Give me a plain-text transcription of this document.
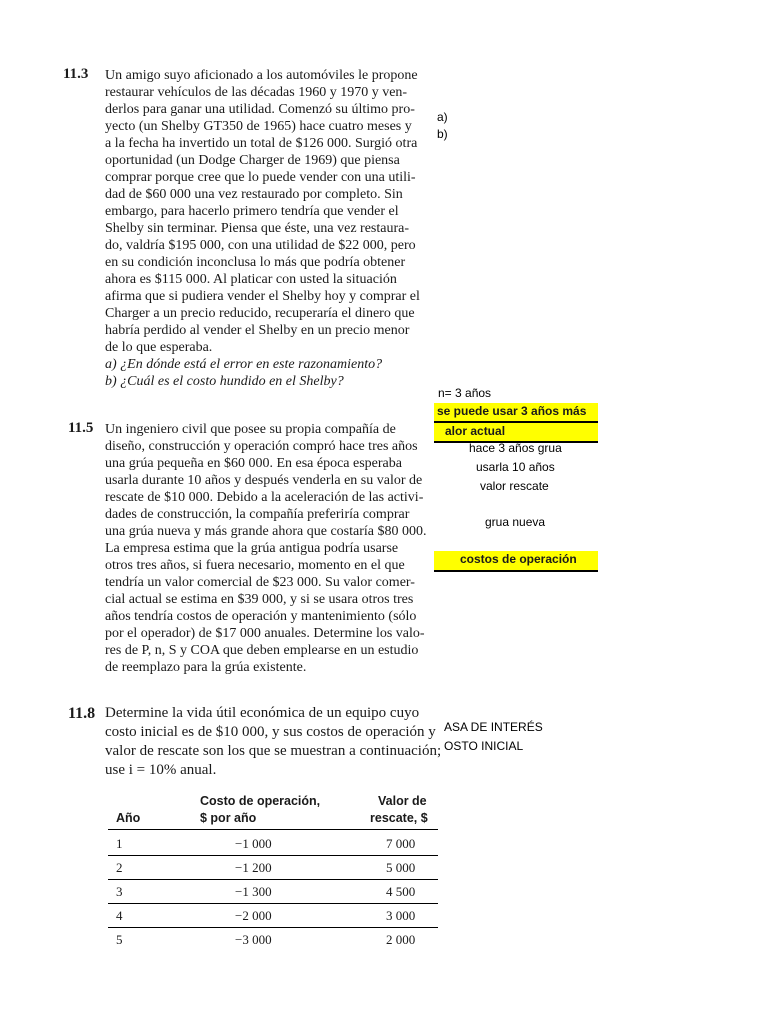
11.3 Un amigo suyo aficionado a los automóviles le propone
restaurar vehículos de las décadas 1960 y 1970 y ven-
derlos para ganar una utilidad. Comenzó su último pro-
yecto (un Shelby GT350 de 1965) hace cuatro meses y
a la fecha ha invertido un total de $126 000. Surgió otra
oportunidad (un Dodge Charger de 1969) que piensa
comprar porque cree que lo puede vender con una utili-
dad de $60 000 una vez restaurado por completo. Sin
embargo, para hacerlo primero tendría que vender el
Shelby sin terminar. Piensa que éste, una vez restaura-
do, valdría $195 000, con una utilidad de $22 000, pero
en su condición inconclusa lo más que podría obtener
ahora es $115 000. Al platicar con usted la situación
afirma que si pudiera vender el Shelby hoy y comprar el
Charger a un precio reducido, recuperaría el dinero que
habría perdido al vender el Shelby en un precio menor
de lo que esperaba.
a) ¿En dónde está el error en este razonamiento?
b) ¿Cuál es el costo hundido en el Shelby?
a)
b)
n= 3 años
se puede usar 3 años más
alor actual
hace 3 años grua
usarla 10 años
valor rescate
grua nueva
costos de operación
11.5 Un ingeniero civil que posee su propia compañía de
diseño, construcción y operación compró hace tres años
una grúa pequeña en $60 000. En esa época esperaba
usarla durante 10 años y después venderla en su valor de
rescate de $10 000. Debido a la aceleración de las activi-
dades de construcción, la compañía preferiría comprar
una grúa nueva y más grande ahora que costaría $80 000.
La empresa estima que la grúa antigua podría usarse
otros tres años, si fuera necesario, momento en el que
tendría un valor comercial de $23 000. Su valor comer-
cial actual se estima en $39 000, y si se usara otros tres
años tendría costos de operación y mantenimiento (sólo
por el operador) de $17 000 anuales. Determine los valo-
res de P, n, S y COA que deben emplearse en un estudio
de reemplazo para la grúa existente.
11.8 Determine la vida útil económica de un equipo cuyo
costo inicial es de $10 000, y sus costos de operación y
valor de rescate son los que se muestran a continuación;
use i = 10% anual.
ASA DE INTERÉS
OSTO INICIAL
Año
Costo de operación,
$ por año
Valor de
rescate, $
1	−1 000	7 000
2	−1 200	5 000
3	−1 300	4 500
4	−2 000	3 000
5	−3 000	2 000
